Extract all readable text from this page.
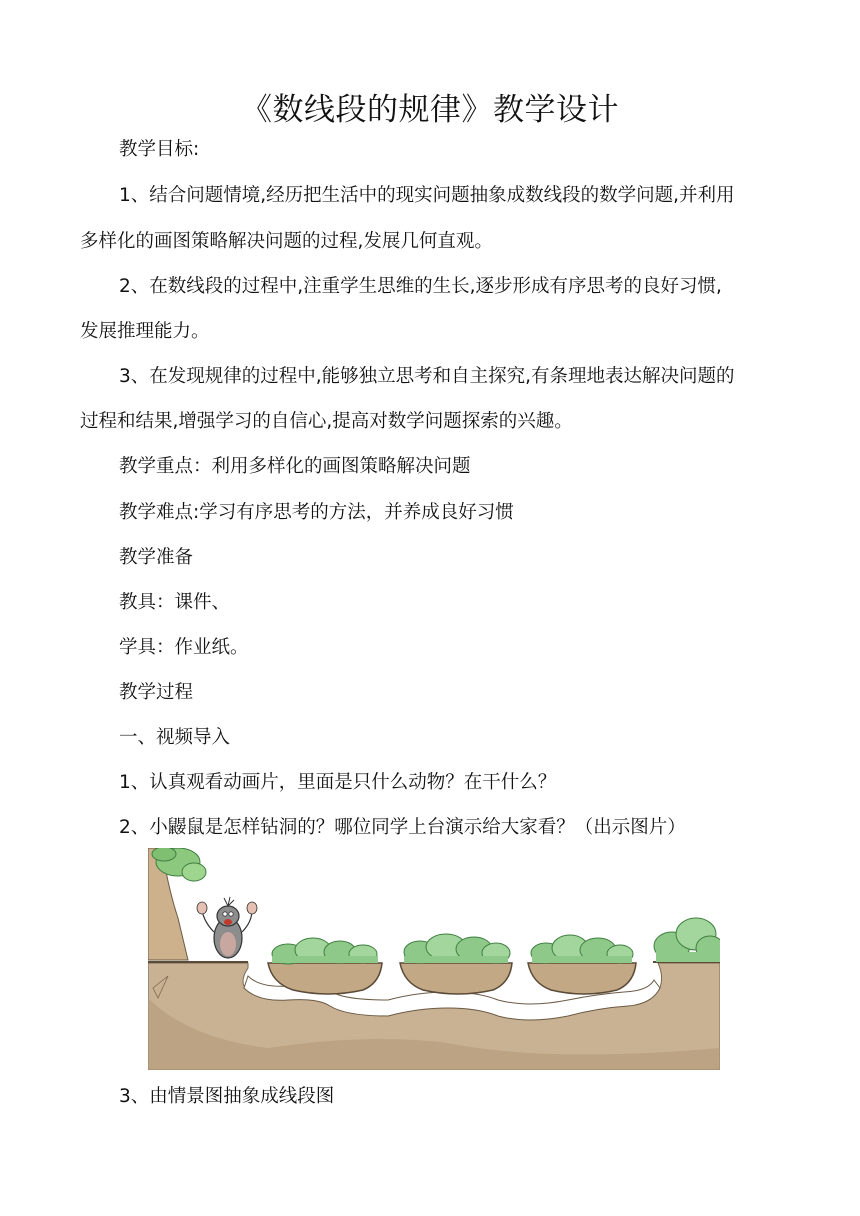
《数线段的规律》教学设计
教学目标:
1、结合问题情境,经历把生活中的现实问题抽象成数线段的数学问题,并利用
多样化的画图策略解决问题的过程,发展几何直观。
2、在数线段的过程中,注重学生思维的生长,逐步形成有序思考的良好习惯,
发展推理能力。
3、在发现规律的过程中,能够独立思考和自主探究,有条理地表达解决问题的
过程和结果,增强学习的自信心,提高对数学问题探索的兴趣。
教学重点：利用多样化的画图策略解决问题
教学难点:学习有序思考的方法，并养成良好习惯
教学准备
教具：课件、
学具：作业纸。
教学过程
一、视频导入
1、认真观看动画片，里面是只什么动物？在干什么？
2、小鼹鼠是怎样钻洞的？哪位同学上台演示给大家看？（出示图片）
3、由情景图抽象成线段图
